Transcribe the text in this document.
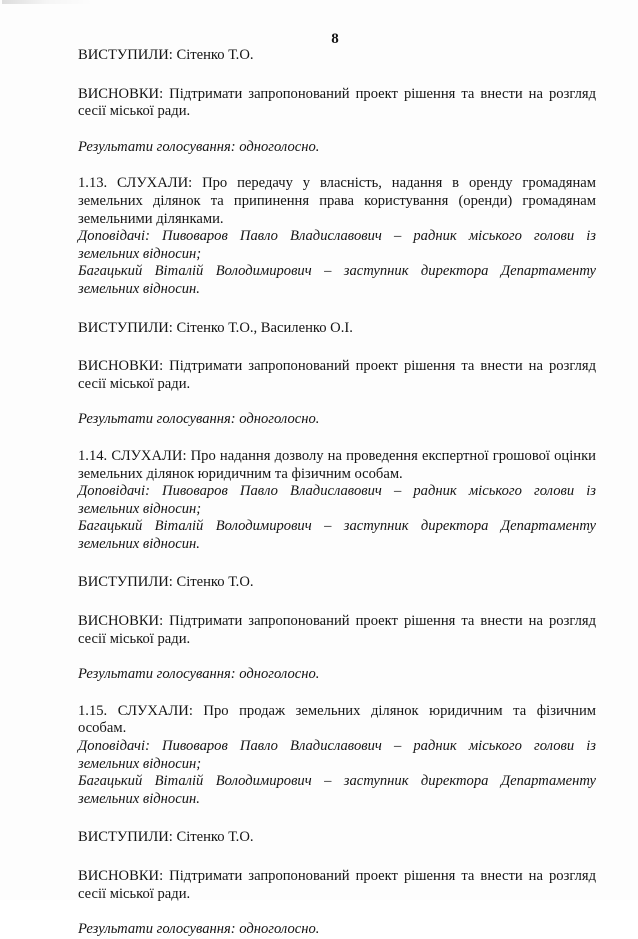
8

ВИСТУПИЛИ: Сітенко Т.О.

ВИСНОВКИ: Підтримати запропонований проект рішення та внести на розгляд

сесії міської ради.

Результати голосування: одноголосно.

1.13. СЛУХАЛИ: Про передачу у власність, надання в оренду громадянам

земельних ділянок та припинення права користування (оренди) громадянам

земельними ділянками.

Доповідачі: Пивоваров Павло Владиславович – радник міського голови із

земельних відносин;

Багацький Віталій Володимирович – заступник директора Департаменту

земельних відносин.

ВИСТУПИЛИ: Сітенко Т.О., Василенко О.І.

ВИСНОВКИ: Підтримати запропонований проект рішення та внести на розгляд

сесії міської ради.

Результати голосування: одноголосно.

1.14. СЛУХАЛИ: Про надання дозволу на проведення експертної грошової оцінки

земельних ділянок юридичним та фізичним особам.

Доповідачі: Пивоваров Павло Владиславович – радник міського голови із

земельних відносин;

Багацький Віталій Володимирович – заступник директора Департаменту

земельних відносин.

ВИСТУПИЛИ: Сітенко Т.О.

ВИСНОВКИ: Підтримати запропонований проект рішення та внести на розгляд

сесії міської ради.

Результати голосування: одноголосно.

1.15. СЛУХАЛИ: Про продаж земельних ділянок юридичним та фізичним

особам.

Доповідачі: Пивоваров Павло Владиславович – радник міського голови із

земельних відносин;

Багацький Віталій Володимирович – заступник директора Департаменту

земельних відносин.

ВИСТУПИЛИ: Сітенко Т.О.

ВИСНОВКИ: Підтримати запропонований проект рішення та внести на розгляд

сесії міської ради.

Результати голосування: одноголосно.
